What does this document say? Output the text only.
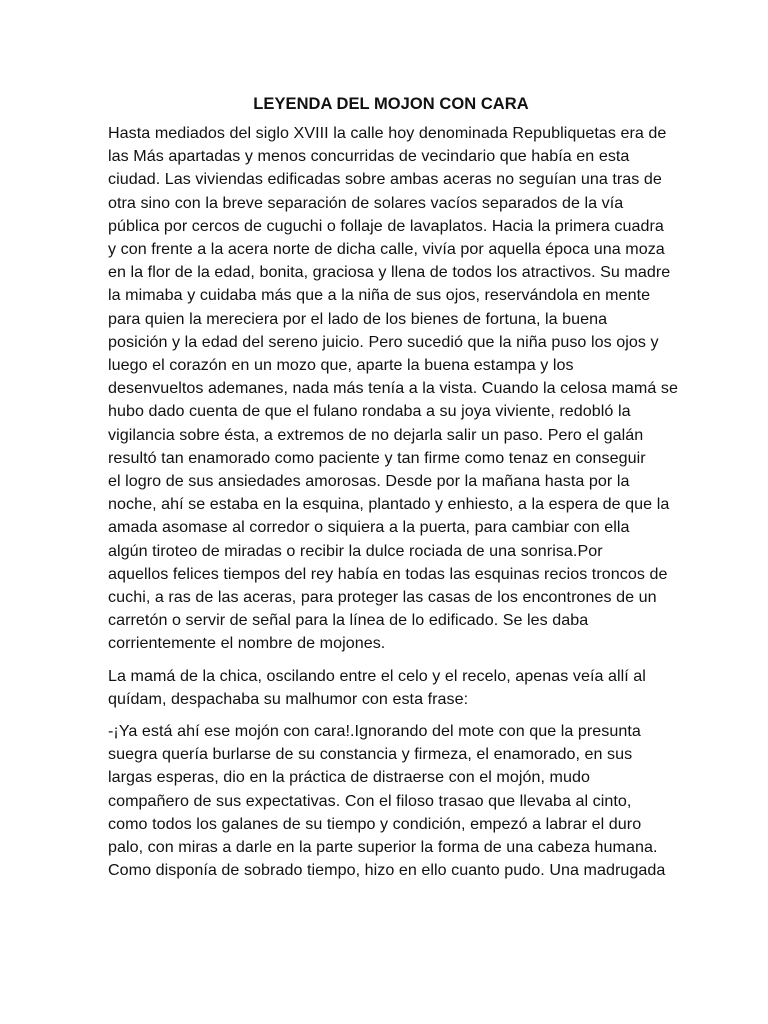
LEYENDA DEL MOJON CON CARA
Hasta mediados del siglo XVIII la calle hoy denominada Republiquetas era de
las Más apartadas y menos concurridas de vecindario que había en esta
ciudad. Las viviendas edificadas sobre ambas aceras no seguían una tras de
otra sino con la breve separación de solares vacíos separados de la vía
pública por cercos de cuguchi o follaje de lavaplatos. Hacia la primera cuadra
y con frente a la acera norte de dicha calle, vivía por aquella época una moza
en la flor de la edad, bonita, graciosa y llena de todos los atractivos. Su madre
la mimaba y cuidaba más que a la niña de sus ojos, reservándola en mente
para quien la mereciera por el lado de los bienes de fortuna, la buena
posición y la edad del sereno juicio. Pero sucedió que la niña puso los ojos y
luego el corazón en un mozo que, aparte la buena estampa y los
desenvueltos ademanes, nada más tenía a la vista. Cuando la celosa mamá se
hubo dado cuenta de que el fulano rondaba a su joya viviente, redobló la
vigilancia sobre ésta, a extremos de no dejarla salir un paso. Pero el galán
resultó tan enamorado como paciente y tan firme como tenaz en conseguir
el logro de sus ansiedades amorosas. Desde por la mañana hasta por la
noche, ahí se estaba en la esquina, plantado y enhiesto, a la espera de que la
amada asomase al corredor o siquiera a la puerta, para cambiar con ella
algún tiroteo de miradas o recibir la dulce rociada de una sonrisa.Por
aquellos felices tiempos del rey había en todas las esquinas recios troncos de
cuchi, a ras de las aceras, para proteger las casas de los encontrones de un
carretón o servir de señal para la línea de lo edificado. Se les daba
corrientemente el nombre de mojones.
La mamá de la chica, oscilando entre el celo y el recelo, apenas veía allí al
quídam, despachaba su malhumor con esta frase:
-¡Ya está ahí ese mojón con cara!.Ignorando del mote con que la presunta
suegra quería burlarse de su constancia y firmeza, el enamorado, en sus
largas esperas, dio en la práctica de distraerse con el mojón, mudo
compañero de sus expectativas. Con el filoso trasao que llevaba al cinto,
como todos los galanes de su tiempo y condición, empezó a labrar el duro
palo, con miras a darle en la parte superior la forma de una cabeza humana.
Como disponía de sobrado tiempo, hizo en ello cuanto pudo. Una madrugada
